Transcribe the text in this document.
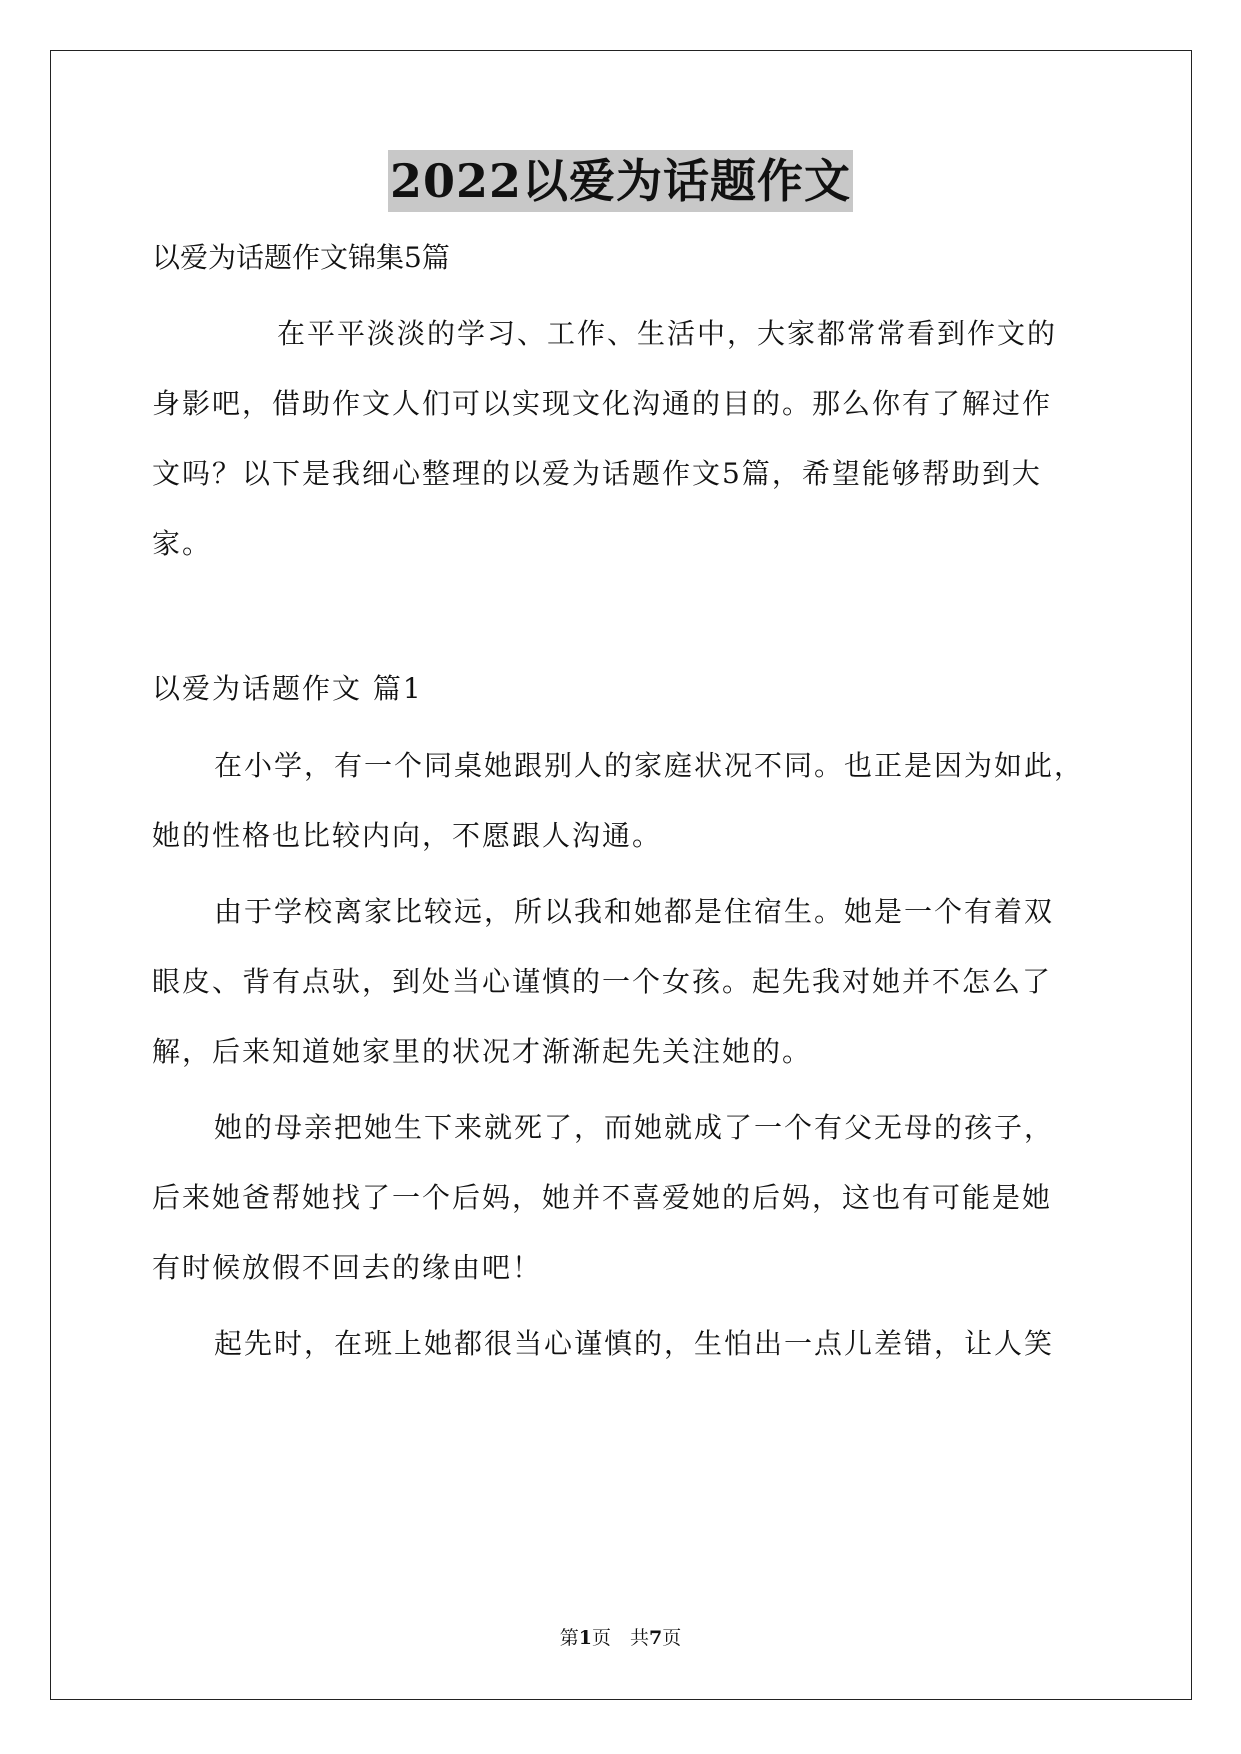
2022以爱为话题作文
以爱为话题作文锦集5篇
在平平淡淡的学习、工作、生活中，大家都常常看到作文的
身影吧，借助作文人们可以实现文化沟通的目的。那么你有了解过作
文吗？以下是我细心整理的以爱为话题作文5篇，希望能够帮助到大
家。
以爱为话题作文 篇1
在小学，有一个同桌她跟别人的家庭状况不同。也正是因为如此，
她的性格也比较内向，不愿跟人沟通。
由于学校离家比较远，所以我和她都是住宿生。她是一个有着双
眼皮、背有点驮，到处当心谨慎的一个女孩。起先我对她并不怎么了
解，后来知道她家里的状况才渐渐起先关注她的。
她的母亲把她生下来就死了，而她就成了一个有父无母的孩子，
后来她爸帮她找了一个后妈，她并不喜爱她的后妈，这也有可能是她
有时候放假不回去的缘由吧！
起先时，在班上她都很当心谨慎的，生怕出一点儿差错，让人笑
第1页　共7页
